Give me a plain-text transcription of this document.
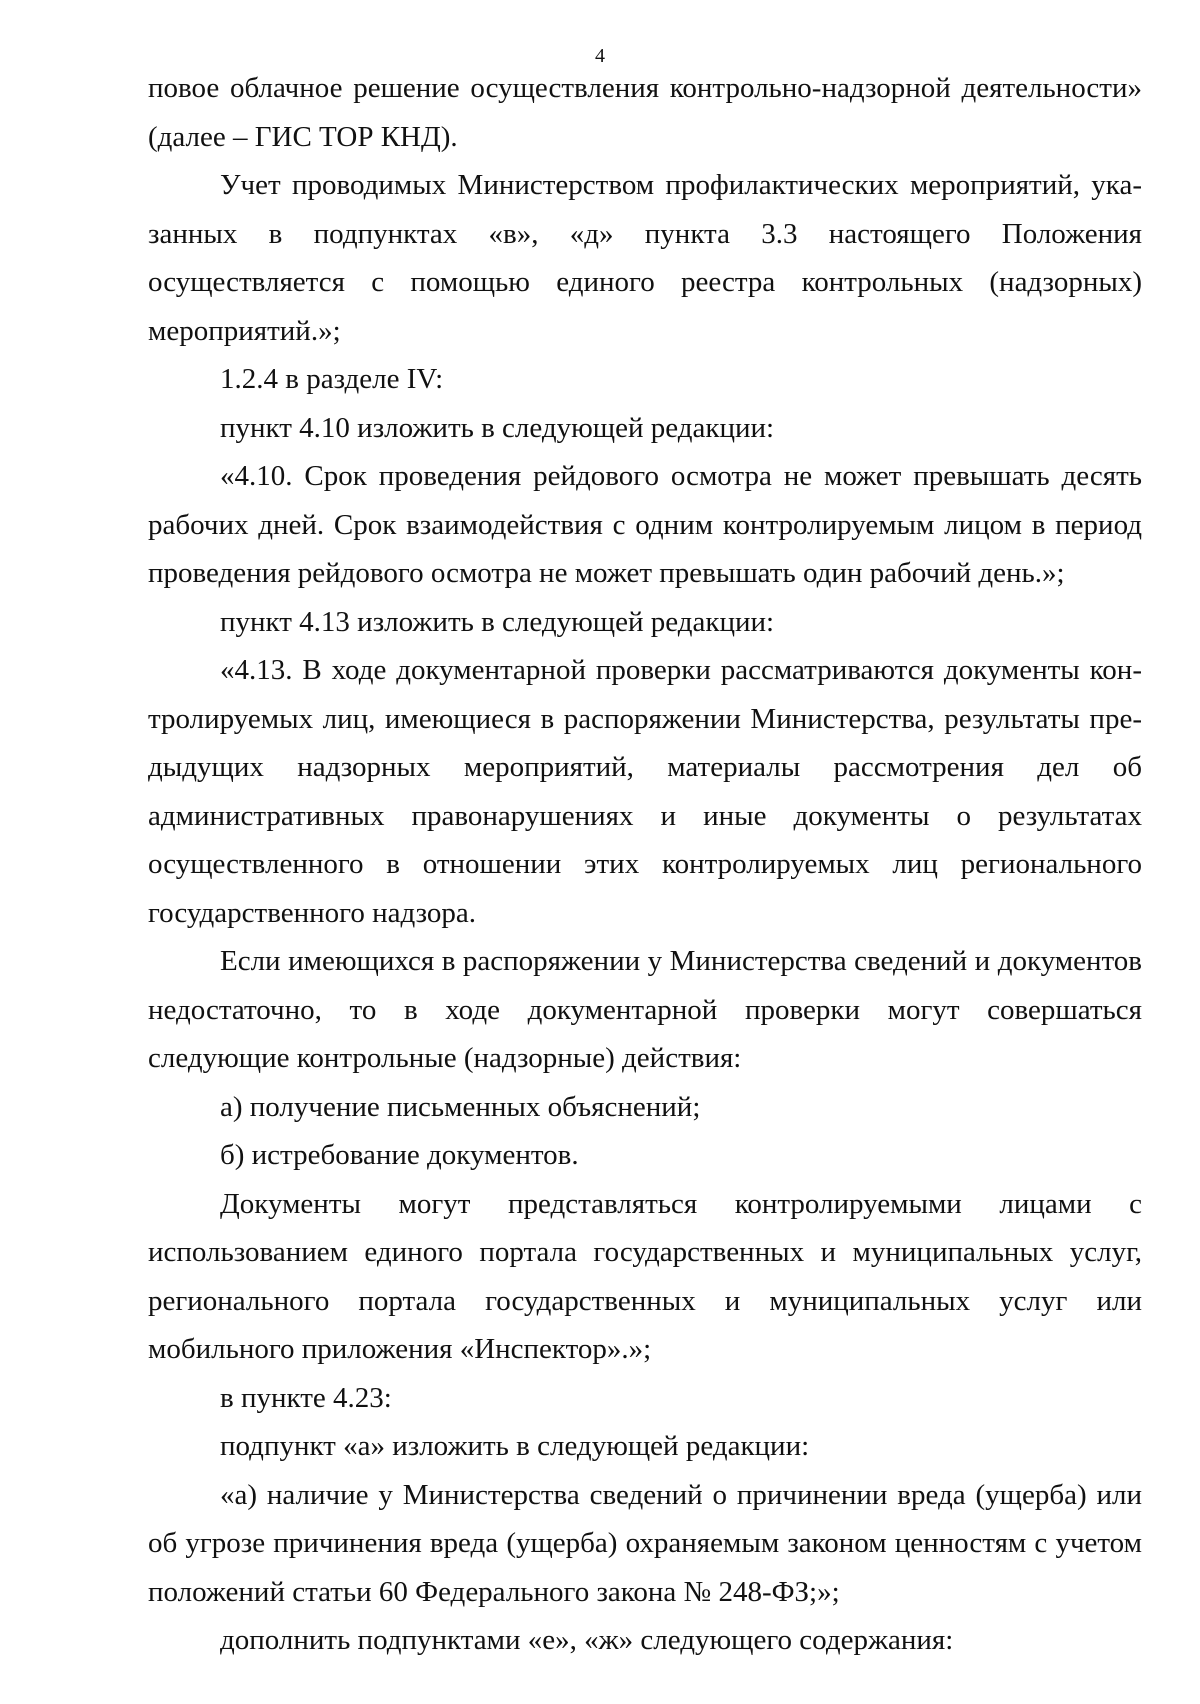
4

повое облачное решение осуществления контрольно-надзорной деятельности» (далее – ГИС ТОР КНД).

Учет проводимых Министерством профилактических мероприятий, указанных в подпунктах «в», «д» пункта 3.3 настоящего Положения осуществляется с помощью единого реестра контрольных (надзорных) мероприятий.»;

1.2.4 в разделе IV:

пункт 4.10 изложить в следующей редакции:

«4.10. Срок проведения рейдового осмотра не может превышать десять рабочих дней. Срок взаимодействия с одним контролируемым лицом в период проведения рейдового осмотра не может превышать один рабочий день.»;

пункт 4.13 изложить в следующей редакции:

«4.13. В ходе документарной проверки рассматриваются документы контролируемых лиц, имеющиеся в распоряжении Министерства, результаты предыдущих надзорных мероприятий, материалы рассмотрения дел об административных правонарушениях и иные документы о результатах осуществленного в отношении этих контролируемых лиц регионального государственного надзора.

Если имеющихся в распоряжении у Министерства сведений и документов недостаточно, то в ходе документарной проверки могут совершаться следующие контрольные (надзорные) действия:

а) получение письменных объяснений;

б) истребование документов.

Документы могут представляться контролируемыми лицами с использованием единого портала государственных и муниципальных услуг, регионального портала государственных и муниципальных услуг или мобильного приложения «Инспектор».»;

в пункте 4.23:

подпункт «а» изложить в следующей редакции:

«а) наличие у Министерства сведений о причинении вреда (ущерба) или об угрозе причинения вреда (ущерба) охраняемым законом ценностям с учетом положений статьи 60 Федерального закона № 248-ФЗ;»;

дополнить подпунктами «е», «ж» следующего содержания:
